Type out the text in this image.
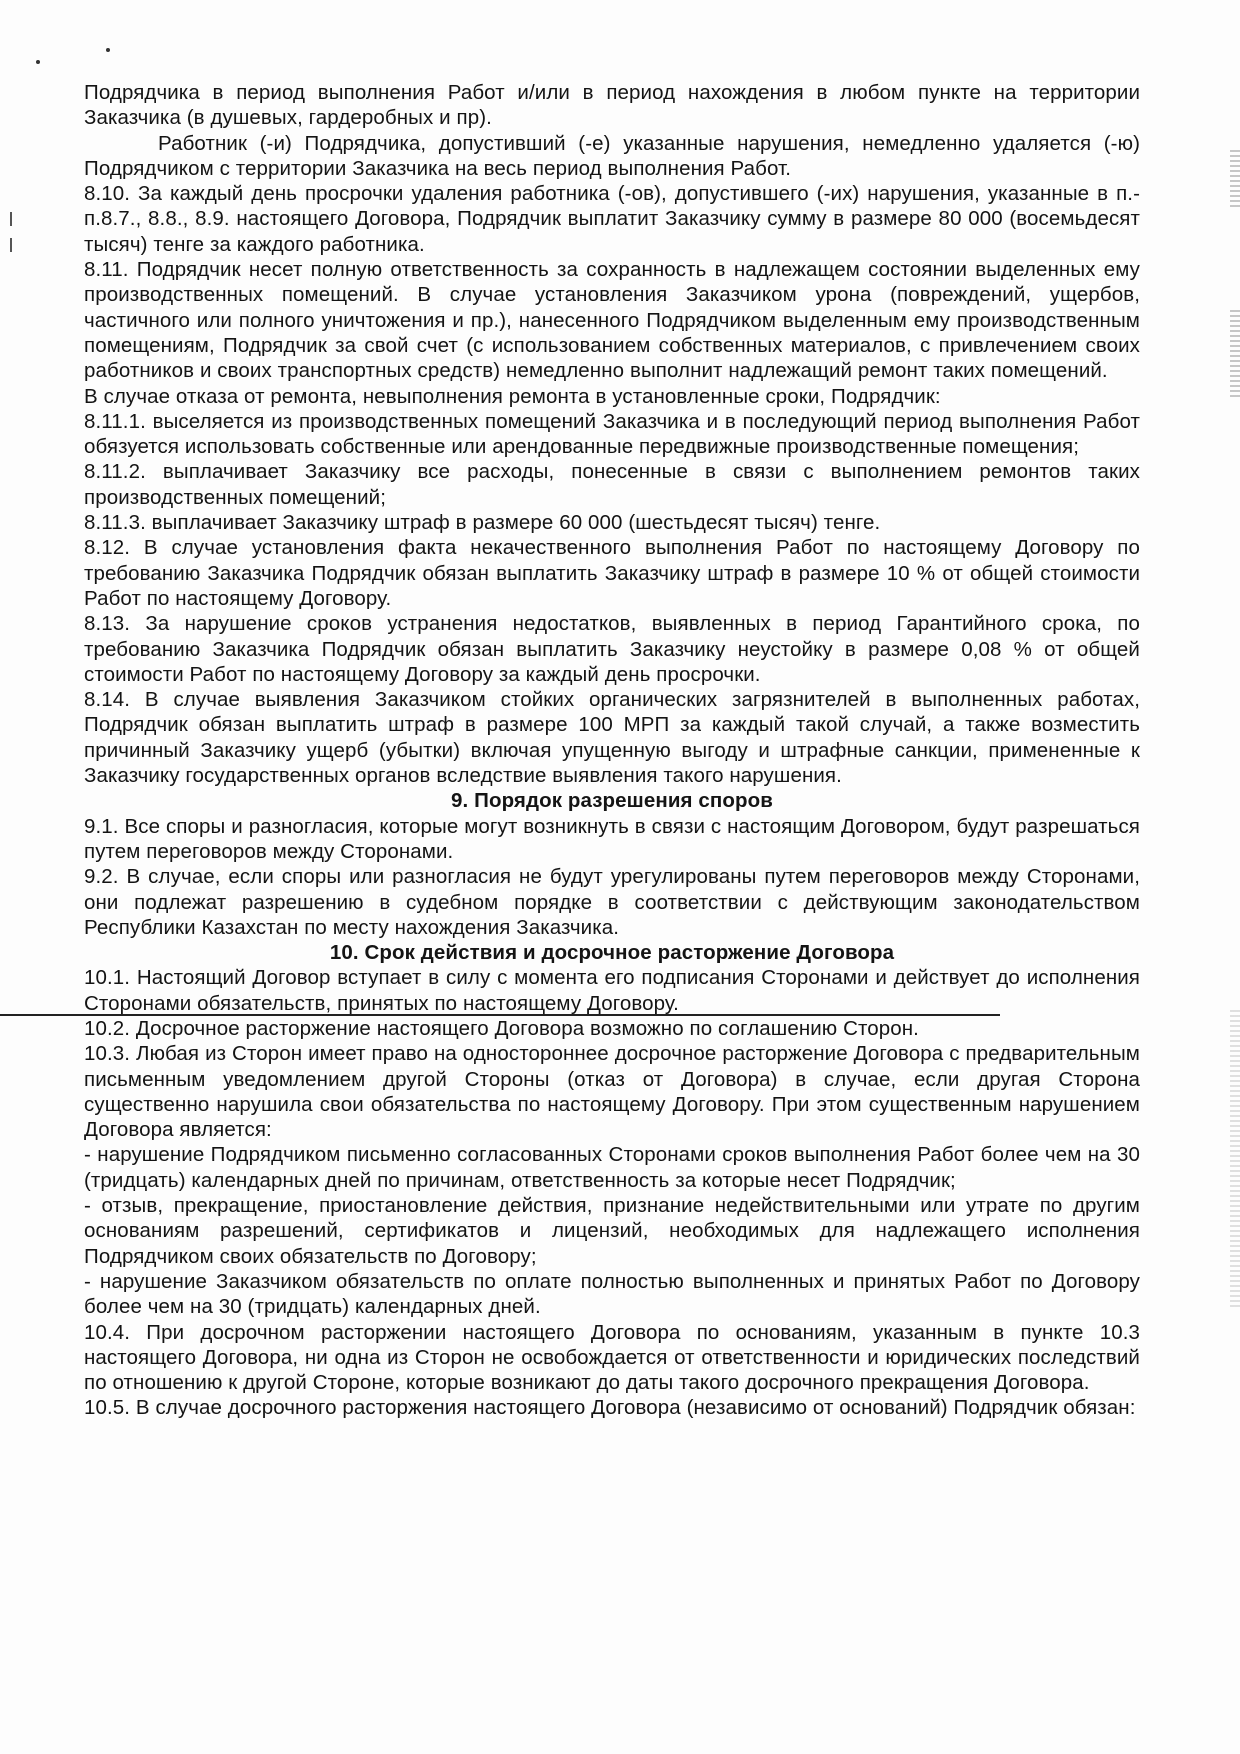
Подрядчика в период выполнения Работ и/или в период нахождения в любом пункте на территории Заказчика (в душевых, гардеробных и пр).

Работник (-и) Подрядчика, допустивший (-е) указанные нарушения, немедленно удаляется (-ю) Подрядчиком с территории Заказчика на весь период выполнения Работ.

8.10. За каждый день просрочки удаления работника (-ов), допустившего (-их) нарушения, указанные в п.-п.8.7., 8.8., 8.9. настоящего Договора, Подрядчик выплатит Заказчику сумму в размере 80 000 (восемьдесят тысяч) тенге за каждого работника.

8.11. Подрядчик несет полную ответственность за сохранность в надлежащем состоянии выделенных ему производственных помещений. В случае установления Заказчиком урона (повреждений, ущербов, частичного или полного уничтожения и пр.), нанесенного Подрядчиком выделенным ему производственным помещениям, Подрядчик за свой счет (с использованием собственных материалов, с привлечением своих работников и своих транспортных средств) немедленно выполнит надлежащий ремонт таких помещений.

В случае отказа от ремонта, невыполнения ремонта в установленные сроки, Подрядчик:

8.11.1. выселяется из производственных помещений Заказчика и в последующий период выполнения Работ обязуется использовать собственные или арендованные передвижные производственные помещения;

8.11.2. выплачивает Заказчику все расходы, понесенные в связи с выполнением ремонтов таких производственных помещений;

8.11.3. выплачивает Заказчику штраф в размере 60 000 (шестьдесят тысяч) тенге.

8.12. В случае установления факта некачественного выполнения Работ по настоящему Договору по требованию Заказчика Подрядчик обязан выплатить Заказчику штраф в размере 10 % от общей стоимости Работ по настоящему Договору.

8.13. За нарушение сроков устранения недостатков, выявленных в период Гарантийного срока, по требованию Заказчика Подрядчик обязан выплатить Заказчику неустойку в размере 0,08 % от общей стоимости Работ по настоящему Договору за каждый день просрочки.

8.14. В случае выявления Заказчиком стойких органических загрязнителей в выполненных работах, Подрядчик обязан выплатить штраф в размере 100 МРП за каждый такой случай, а также возместить причинный Заказчику ущерб (убытки) включая упущенную выгоду и штрафные санкции, примененные к Заказчику государственных органов вследствие выявления такого нарушения.

9. Порядок разрешения споров

9.1. Все споры и разногласия, которые могут возникнуть в связи с настоящим Договором, будут разрешаться путем переговоров между Сторонами.

9.2. В случае, если споры или разногласия не будут урегулированы путем переговоров между Сторонами, они подлежат разрешению в судебном порядке в соответствии с действующим законодательством Республики Казахстан по месту нахождения Заказчика.

10. Срок действия и досрочное расторжение Договора

10.1. Настоящий Договор вступает в силу с момента его подписания Сторонами и действует до исполнения Сторонами обязательств, принятых по настоящему Договору.

10.2. Досрочное расторжение настоящего Договора возможно по соглашению Сторон.

10.3. Любая из Сторон имеет право на одностороннее досрочное расторжение Договора с предварительным письменным уведомлением другой Стороны (отказ от Договора) в случае, если другая Сторона существенно нарушила свои обязательства по настоящему Договору. При этом существенным нарушением Договора является:

- нарушение Подрядчиком письменно согласованных Сторонами сроков выполнения Работ более чем на 30 (тридцать) календарных дней по причинам, ответственность за которые несет Подрядчик;

- отзыв, прекращение, приостановление действия, признание недействительными или утрате по другим основаниям разрешений, сертификатов и лицензий, необходимых для надлежащего исполнения Подрядчиком своих обязательств по Договору;

- нарушение Заказчиком обязательств по оплате полностью выполненных и принятых Работ по Договору более чем на 30 (тридцать) календарных дней.

10.4. При досрочном расторжении настоящего Договора по основаниям, указанным в пункте 10.3 настоящего Договора, ни одна из Сторон не освобождается от ответственности и юридических последствий по отношению к другой Стороне, которые возникают до даты такого досрочного прекращения Договора.

10.5. В случае досрочного расторжения настоящего Договора (независимо от оснований) Подрядчик обязан:
